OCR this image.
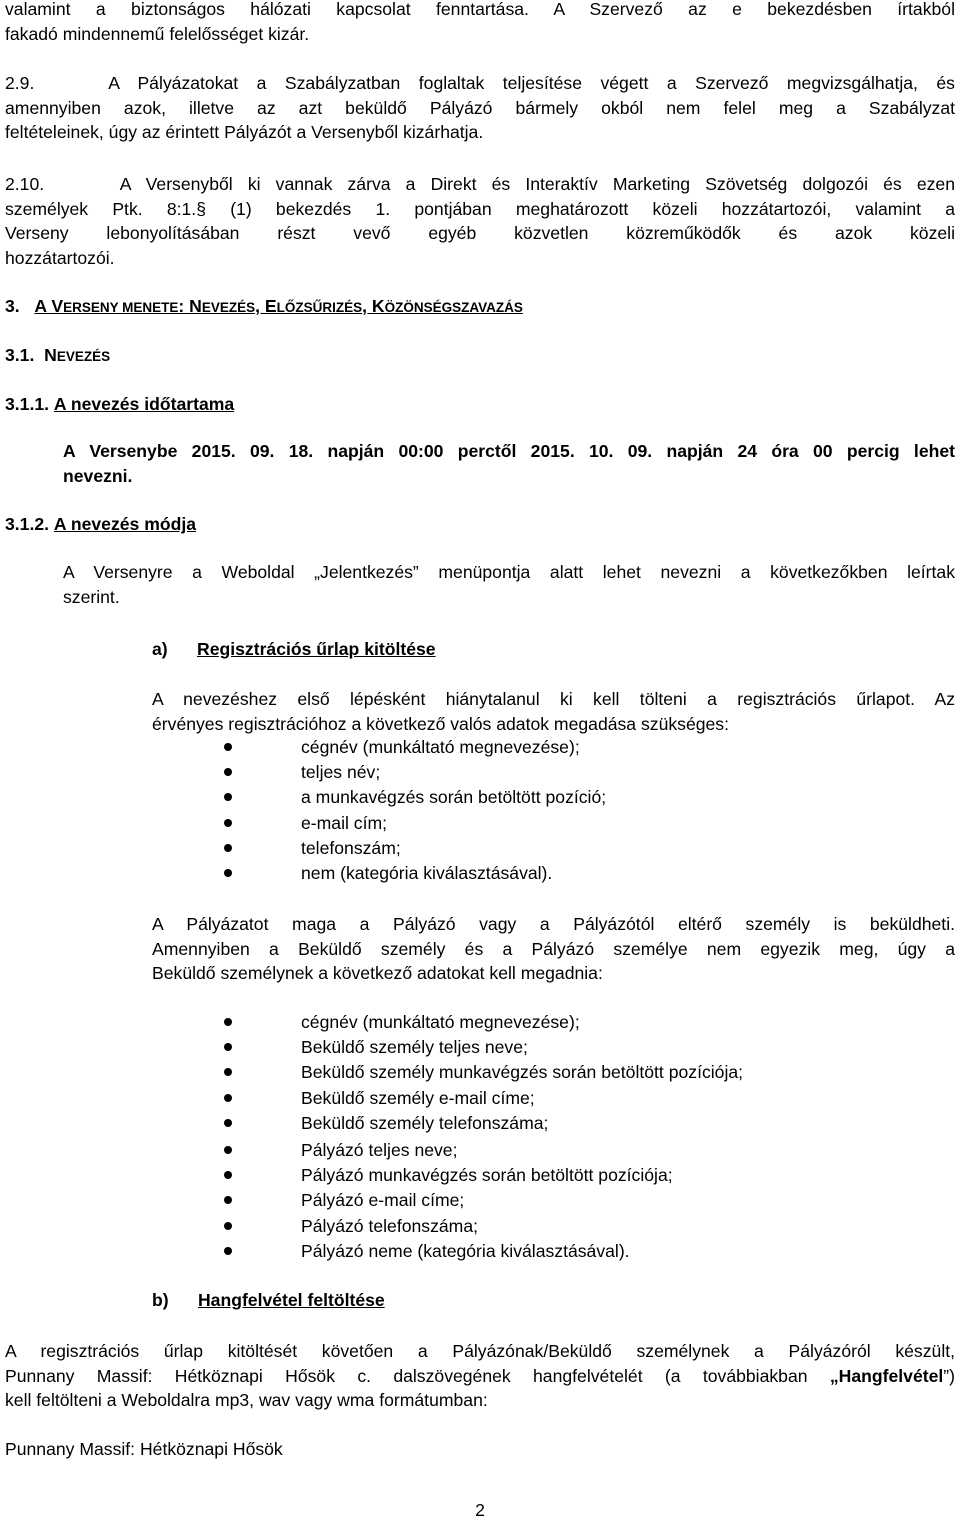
valamint a biztonságos hálózati kapcsolat fenntartása. A Szervező az e bekezdésben írtakból
fakadó mindennemű felelősséget kizár.
2.9.	A Pályázatokat a Szabályzatban foglaltak teljesítése végett a Szervező megvizsgálhatja, és
amennyiben azok, illetve az azt beküldő Pályázó bármely okból nem felel meg a Szabályzat
feltételeinek, úgy az érintett Pályázót a Versenyből kizárhatja.
2.10.	A Versenyből ki vannak zárva a Direkt és Interaktív Marketing Szövetség dolgozói és ezen
személyek Ptk. 8:1.§ (1) bekezdés 1. pontjában meghatározott közeli hozzátartozói, valamint a
Verseny lebonyolításában részt vevő egyéb közvetlen közreműködők és azok közeli
hozzátartozói.
3. A VERSENY MENETE: NEVEZÉS, ELŐZSŰRIZÉS, KÖZÖNSÉGSZAVAZÁS
3.1. NEVEZÉS
3.1.1. A nevezés időtartama
A Versenybe 2015. 09. 18. napján 00:00 perctől 2015. 10. 09. napján 24 óra 00 percig lehet
nevezni.
3.1.2. A nevezés módja
A Versenyre a Weboldal „Jelentkezés” menüpontja alatt lehet nevezni a következőkben leírtak
szerint.
a) Regisztrációs űrlap kitöltése
A nevezéshez első lépésként hiánytalanul ki kell tölteni a regisztrációs űrlapot. Az
érvényes regisztrációhoz a következő valós adatok megadása szükséges:
cégnév (munkáltató megnevezése);
teljes név;
a munkavégzés során betöltött pozíció;
e-mail cím;
telefonszám;
nem (kategória kiválasztásával).
A Pályázatot maga a Pályázó vagy a Pályázótól eltérő személy is beküldheti.
Amennyiben a Beküldő személy és a Pályázó személye nem egyezik meg, úgy a
Beküldő személynek a következő adatokat kell megadnia:
cégnév (munkáltató megnevezése);
Beküldő személy teljes neve;
Beküldő személy munkavégzés során betöltött pozíciója;
Beküldő személy e-mail címe;
Beküldő személy telefonszáma;
Pályázó teljes neve;
Pályázó munkavégzés során betöltött pozíciója;
Pályázó e-mail címe;
Pályázó telefonszáma;
Pályázó neme (kategória kiválasztásával).
b) Hangfelvétel feltöltése
A regisztrációs űrlap kitöltését követően a Pályázónak/Beküldő személynek a Pályázóról készült,
Punnany Massif: Hétköznapi Hősök c. dalszövegének hangfelvételét (a továbbiakban „Hangfelvétel”)
kell feltölteni a Weboldalra mp3, wav vagy wma formátumban:
Punnany Massif: Hétköznapi Hősök
2
